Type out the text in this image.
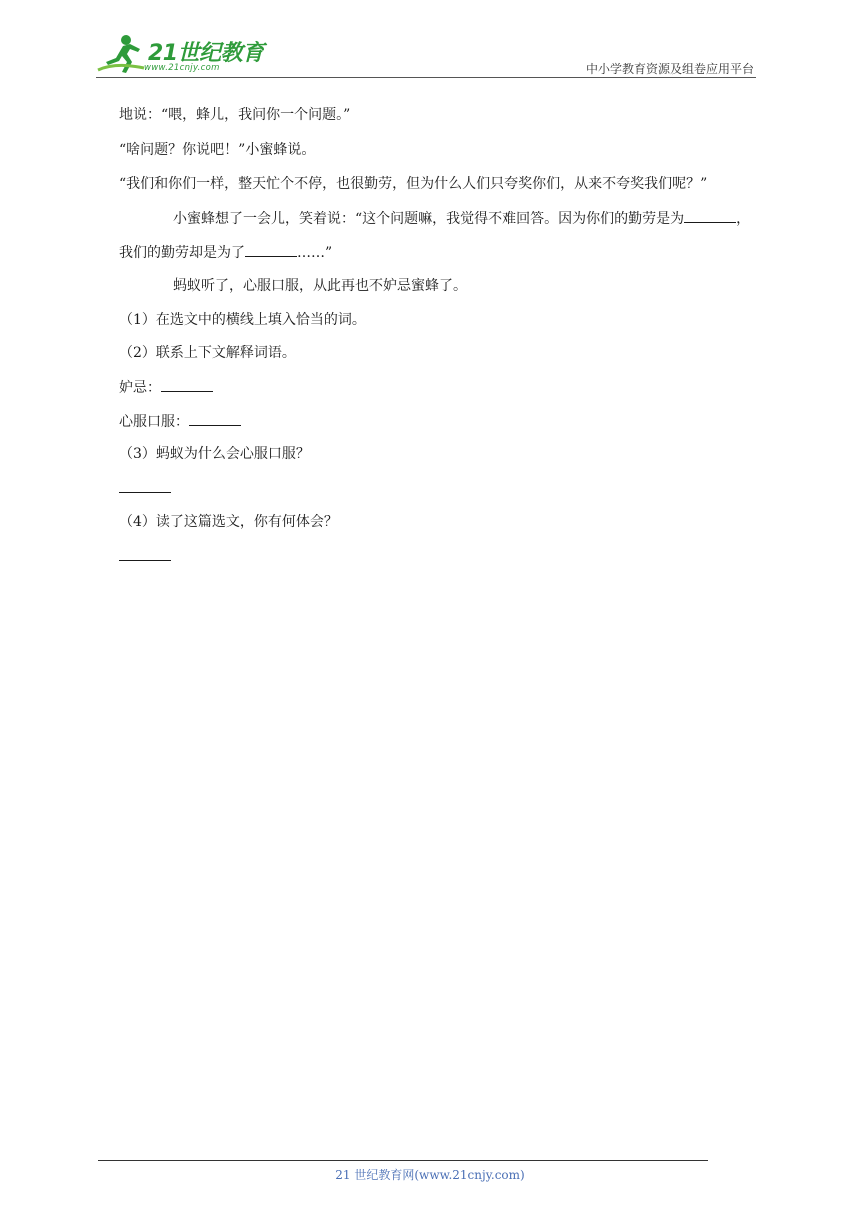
21世纪教育
www.21cnjy.com	中小学教育资源及组卷应用平台
地说：“喂，蜂儿，我问你一个问题。”
“啥问题？你说吧！”小蜜蜂说。
“我们和你们一样，整天忙个不停，也很勤劳，但为什么人们只夸奖你们，从来不夸奖我们呢？”
小蜜蜂想了一会儿，笑着说：“这个问题嘛，我觉得不难回答。因为你们的勤劳是为	，
我们的勤劳却是为了	……”
蚂蚁听了，心服口服，从此再也不妒忌蜜蜂了。
（1）在选文中的横线上填入恰当的词。
（2）联系上下文解释词语。
妒忌：
心服口服：
（3）蚂蚁为什么会心服口服？
（4）读了这篇选文，你有何体会？
21 世纪教育网(www.21cnjy.com)
